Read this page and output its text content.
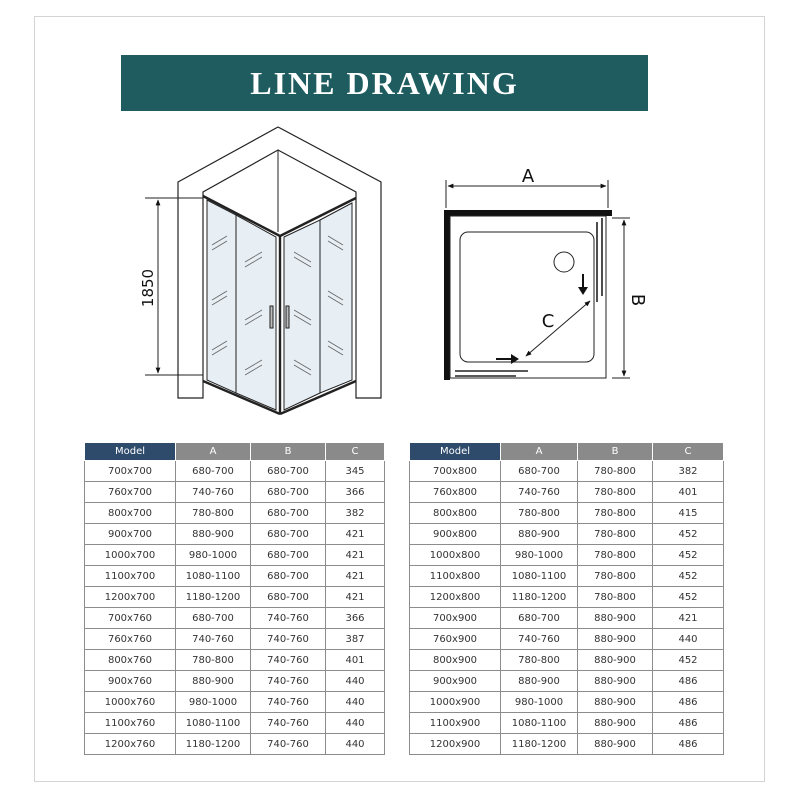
LINE DRAWING
1850
A
B
C
Model	A	B	C
700x700	680-700	680-700	345
760x700	740-760	680-700	366
800x700	780-800	680-700	382
900x700	880-900	680-700	421
1000x700	980-1000	680-700	421
1100x700	1080-1100	680-700	421
1200x700	1180-1200	680-700	421
700x760	680-700	740-760	366
760x760	740-760	740-760	387
800x760	780-800	740-760	401
900x760	880-900	740-760	440
1000x760	980-1000	740-760	440
1100x760	1080-1100	740-760	440
1200x760	1180-1200	740-760	440
Model	A	B	C
700x800	680-700	780-800	382
760x800	740-760	780-800	401
800x800	780-800	780-800	415
900x800	880-900	780-800	452
1000x800	980-1000	780-800	452
1100x800	1080-1100	780-800	452
1200x800	1180-1200	780-800	452
700x900	680-700	880-900	421
760x900	740-760	880-900	440
800x900	780-800	880-900	452
900x900	880-900	880-900	486
1000x900	980-1000	880-900	486
1100x900	1080-1100	880-900	486
1200x900	1180-1200	880-900	486
